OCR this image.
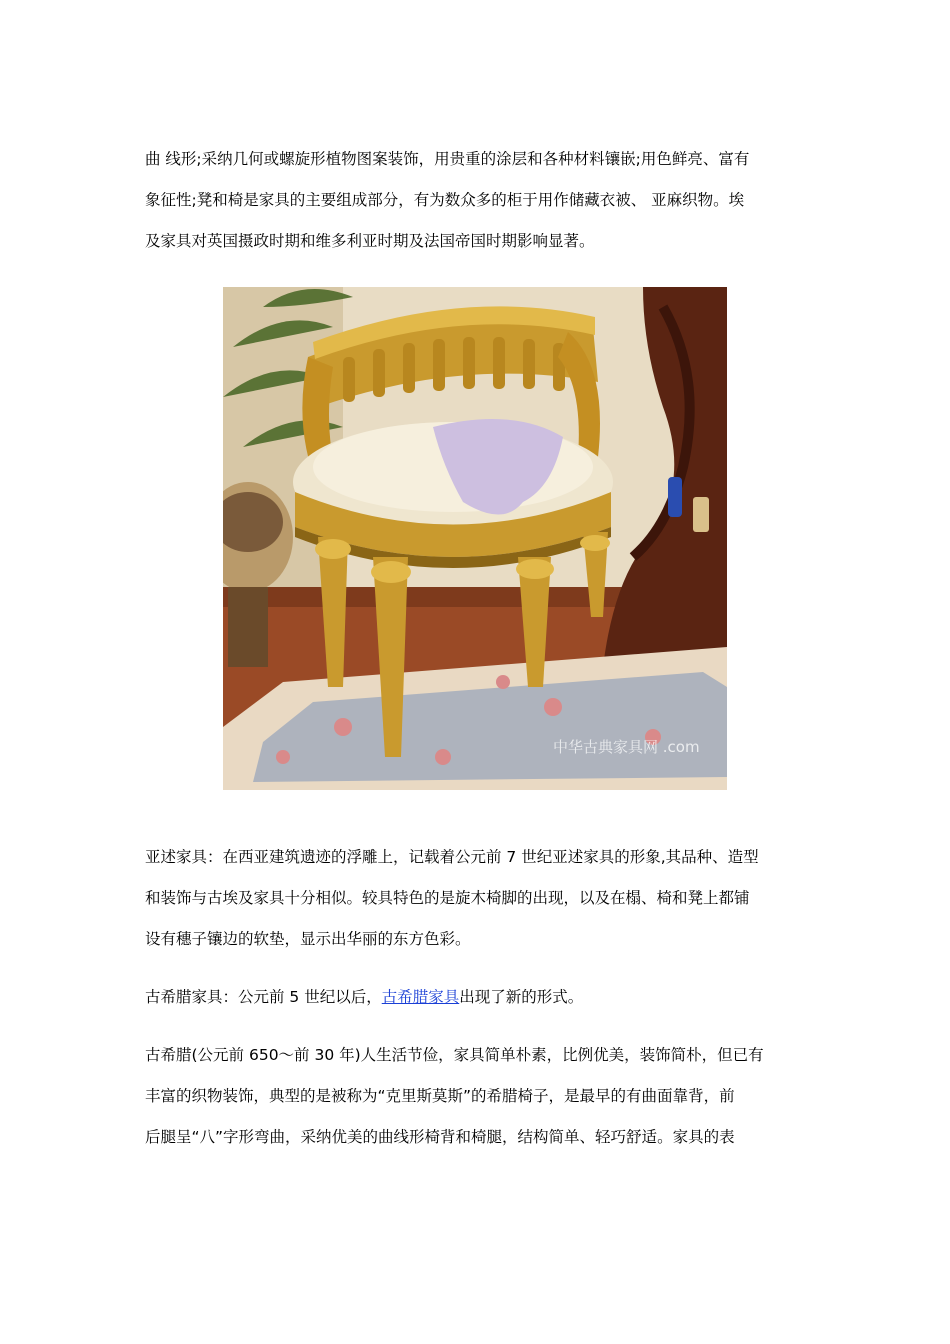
曲 线形;采纳几何或螺旋形植物图案装饰，用贵重的涂层和各种材料镶嵌;用色鲜亮、富有
象征性;凳和椅是家具的主要组成部分，有为数众多的柜于用作储藏衣被、 亚麻织物。埃
及家具对英国摄政时期和维多利亚时期及法国帝国时期影响显著。

中华古典家具网 .com

亚述家具：在西亚建筑遗迹的浮雕上，记载着公元前 7 世纪亚述家具的形象,其品种、造型
和装饰与古埃及家具十分相似。较具特色的是旋木椅脚的出现，以及在榻、椅和凳上都铺
设有穗子镶边的软垫，显示出华丽的东方色彩。

古希腊家具：公元前 5 世纪以后，古希腊家具出现了新的形式。

古希腊(公元前 650～前 30 年)人生活节俭，家具简单朴素，比例优美，装饰简朴，但已有
丰富的织物装饰，典型的是被称为“克里斯莫斯”的希腊椅子，是最早的有曲面靠背，前
后腿呈“八”字形弯曲，采纳优美的曲线形椅背和椅腿，结构简单、轻巧舒适。家具的表
